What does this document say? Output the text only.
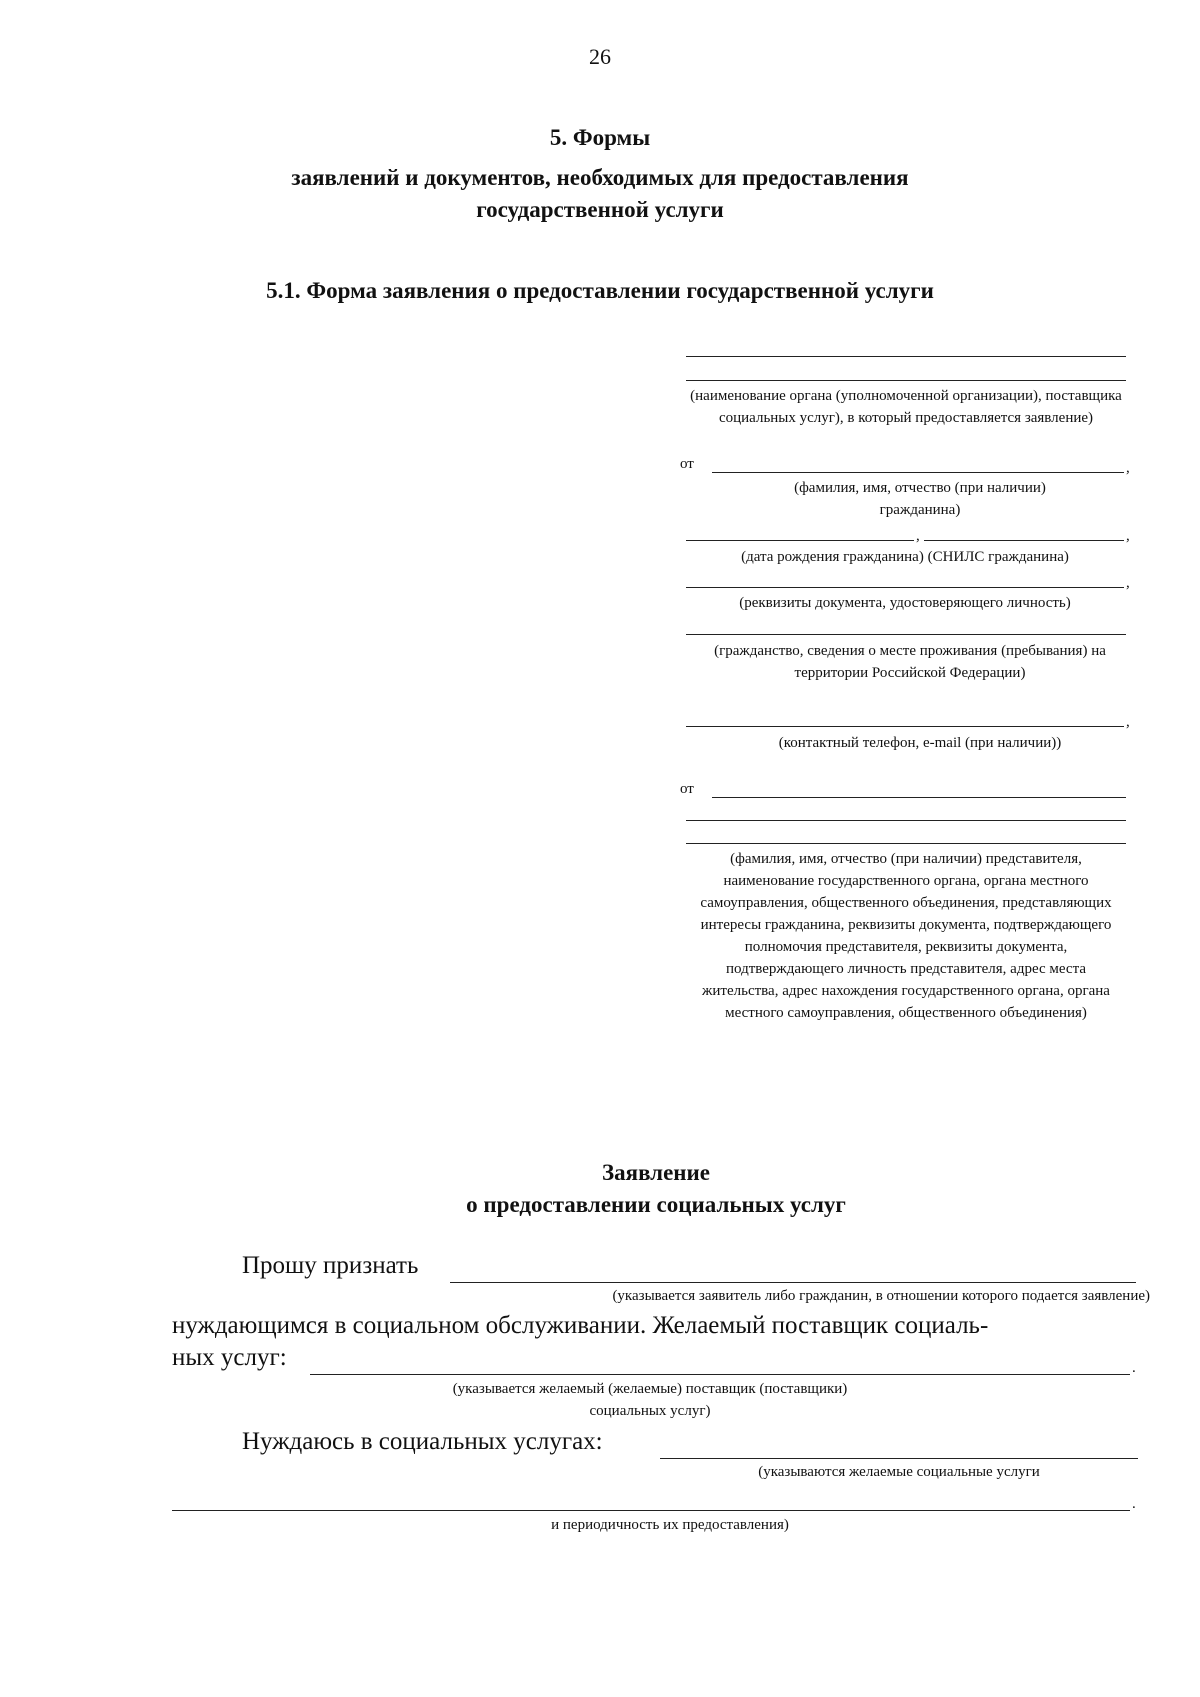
26
5. Формы
заявлений и документов, необходимых для предоставления
государственной услуги
5.1. Форма заявления о предоставлении государственной услуги
(наименование органа (уполномоченной организации), поставщика социальных услуг), в который предоставляется заявление)
от	,
(фамилия, имя, отчество (при наличии) гражданина)
,	,
(дата рождения гражданина) (СНИЛС гражданина)
,
(реквизиты документа, удостоверяющего личность)
(гражданство, сведения о месте проживания (пребывания) на территории Российской Федерации)
,
(контактный телефон, e-mail (при наличии))
от
(фамилия, имя, отчество (при наличии) представителя, наименование государственного органа, органа местного самоуправления, общественного объединения, представляющих интересы гражданина, реквизиты документа, подтверждающего полномочия представителя, реквизиты документа, подтверждающего личность представителя, адрес места жительства, адрес нахождения государственного органа, органа местного самоуправления, общественного объединения)
Заявление
о предоставлении социальных услуг
Прошу признать
(указывается заявитель либо гражданин, в отношении которого подается заявление)
нуждающимся в социальном обслуживании. Желаемый поставщик социаль-
ных услуг:	.
(указывается желаемый (желаемые) поставщик (поставщики)
социальных услуг)
Нуждаюсь в социальных услугах:
(указываются желаемые социальные услуги
.
и периодичность их предоставления)
